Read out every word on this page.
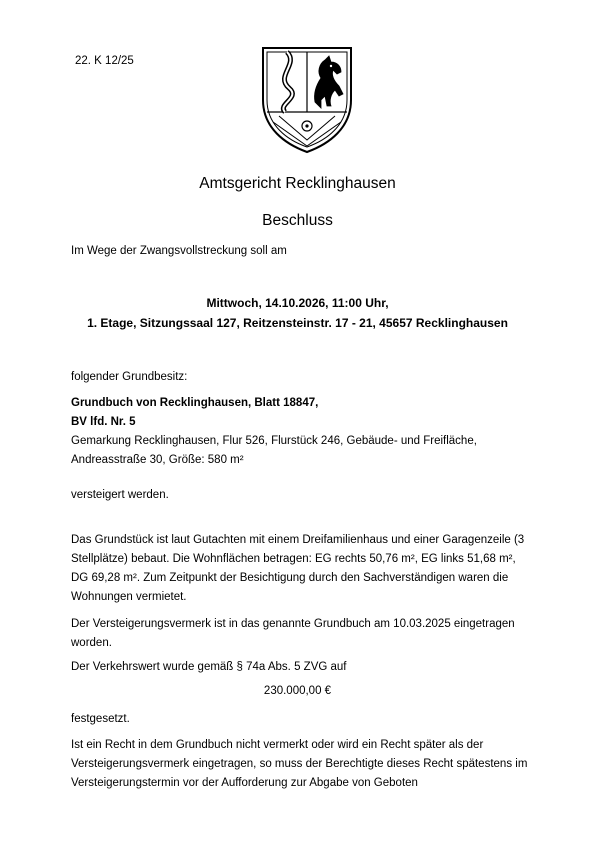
22. K 12/25
Amtsgericht Recklinghausen
Beschluss
Im Wege der Zwangsvollstreckung soll am
Mittwoch, 14.10.2026, 11:00 Uhr,
1. Etage, Sitzungssaal 127, Reitzensteinstr. 17 - 21, 45657 Recklinghausen
folgender Grundbesitz:
Grundbuch von Recklinghausen, Blatt 18847,
BV lfd. Nr. 5
Gemarkung Recklinghausen, Flur 526, Flurstück 246, Gebäude- und Freifläche,
Andreasstraße 30, Größe: 580 m²
versteigert werden.
Das Grundstück ist laut Gutachten mit einem Dreifamilienhaus und einer Garagenzeile (3 Stellplätze) bebaut. Die Wohnflächen betragen: EG rechts 50,76 m², EG links 51,68 m², DG 69,28 m². Zum Zeitpunkt der Besichtigung durch den Sachverständigen waren die Wohnungen vermietet.
Der Versteigerungsvermerk ist in das genannte Grundbuch am 10.03.2025 eingetragen worden.
Der Verkehrswert wurde gemäß § 74a Abs. 5 ZVG auf
230.000,00 €
festgesetzt.
Ist ein Recht in dem Grundbuch nicht vermerkt oder wird ein Recht später als der Versteigerungsvermerk eingetragen, so muss der Berechtigte dieses Recht spätestens im Versteigerungstermin vor der Aufforderung zur Abgabe von Geboten
